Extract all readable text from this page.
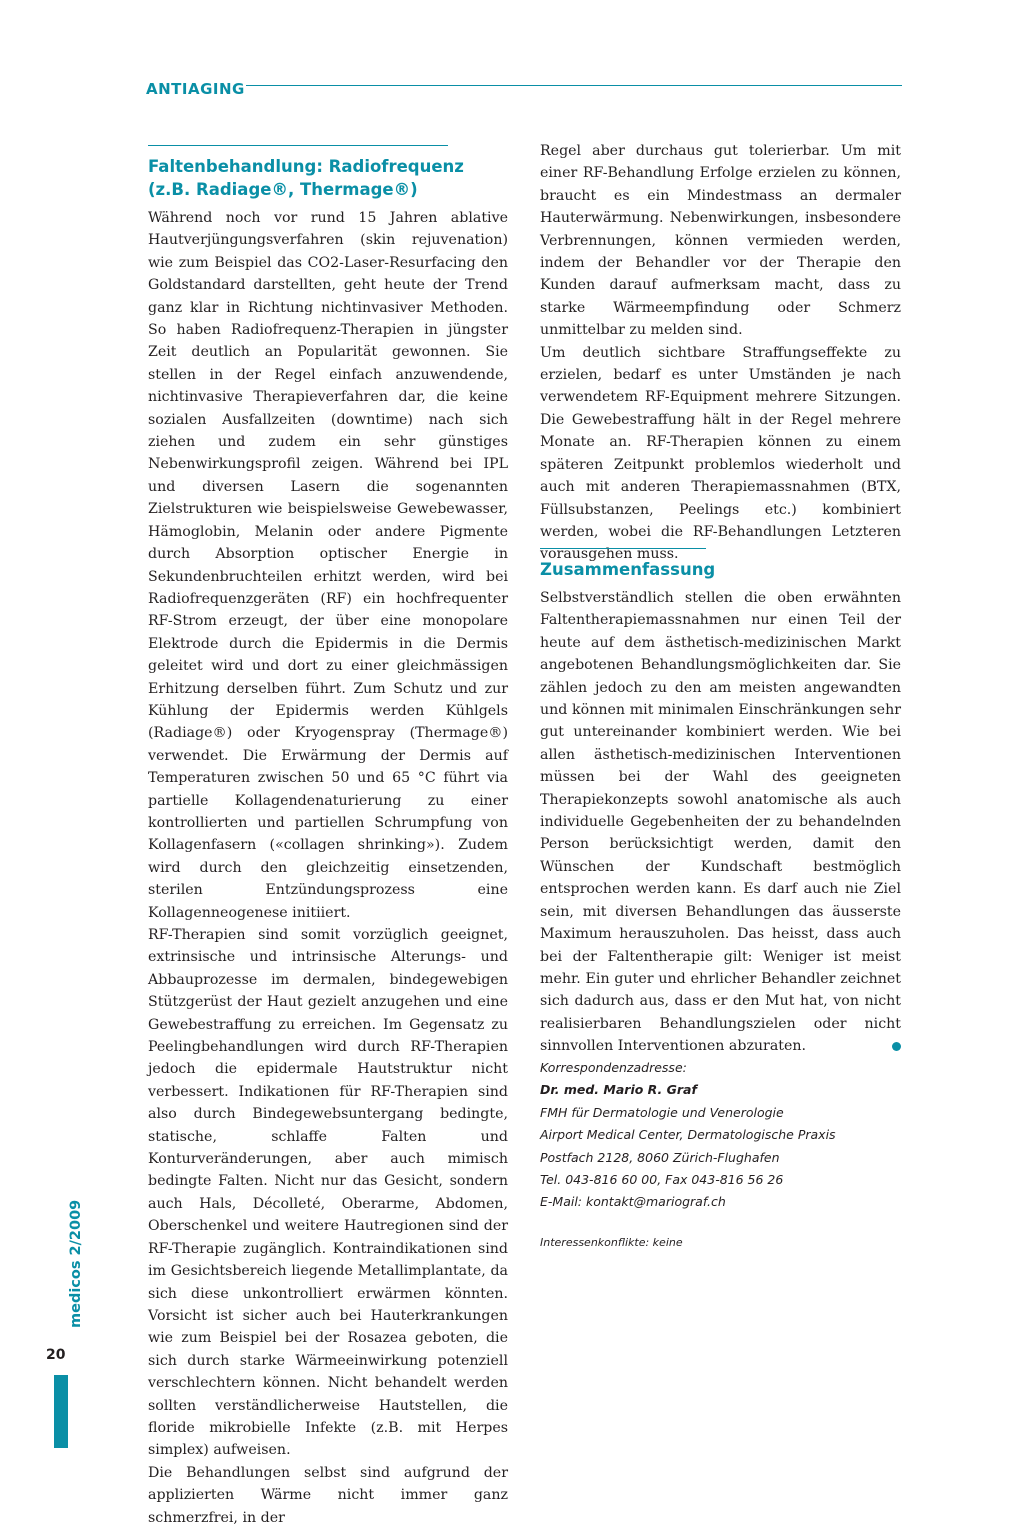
ANTIAGING
Faltenbehandlung: Radiofrequenz
(z.B. Radiage®, Thermage®)

Während noch vor rund 15 Jahren ablative Hautverjüngungsverfahren (skin rejuvenation) wie zum Beispiel das CO2-Laser-Resurfacing den Goldstandard darstellten, geht heute der Trend ganz klar in Richtung nichtinvasiver Methoden. So haben Radiofrequenz-Therapien in jüngster Zeit deutlich an Popularität gewonnen. Sie stellen in der Regel einfach anzuwendende, nichtinvasive Therapieverfahren dar, die keine sozialen Ausfallzeiten (downtime) nach sich ziehen und zudem ein sehr günstiges Nebenwirkungsprofil zeigen. Während bei IPL und diversen Lasern die sogenannten Zielstrukturen wie beispielsweise Gewebewasser, Hämoglobin, Melanin oder andere Pigmente durch Absorption optischer Energie in Sekundenbruchteilen erhitzt werden, wird bei Radiofrequenzgeräten (RF) ein hochfrequenter RF-Strom erzeugt, der über eine monopolare Elektrode durch die Epidermis in die Dermis geleitet wird und dort zu einer gleichmässigen Erhitzung derselben führt. Zum Schutz und zur Kühlung der Epidermis werden Kühlgels (Radiage®) oder Kryogenspray (Thermage®) verwendet. Die Erwärmung der Dermis auf Temperaturen zwischen 50 und 65 °C führt via partielle Kollagendenaturierung zu einer kontrollierten und partiellen Schrumpfung von Kollagenfasern («collagen shrinking»). Zudem wird durch den gleichzeitig einsetzenden, sterilen Entzündungsprozess eine Kollagenneogenese initiiert.

RF-Therapien sind somit vorzüglich geeignet, extrinsische und intrinsische Alterungs- und Abbauprozesse im dermalen, bindegewebigen Stützgerüst der Haut gezielt anzugehen und eine Gewebestraffung zu erreichen. Im Gegensatz zu Peelingbehandlungen wird durch RF-Therapien jedoch die epidermale Hautstruktur nicht verbessert. Indikationen für RF-Therapien sind also durch Bindegewebsuntergang bedingte, statische, schlaffe Falten und Konturveränderungen, aber auch mimisch bedingte Falten. Nicht nur das Gesicht, sondern auch Hals, Décolleté, Oberarme, Abdomen, Oberschenkel und weitere Hautregionen sind der RF-Therapie zugänglich. Kontraindikationen sind im Gesichtsbereich liegende Metallimplantate, da sich diese unkontrolliert erwärmen könnten. Vorsicht ist sicher auch bei Hauterkrankungen wie zum Beispiel bei der Rosazea geboten, die sich durch starke Wärmeeinwirkung potenziell verschlechtern können. Nicht behandelt werden sollten verständlicherweise Hautstellen, die floride mikrobielle Infekte (z.B. mit Herpes simplex) aufweisen.

Die Behandlungen selbst sind aufgrund der applizierten Wärme nicht immer ganz schmerzfrei, in der

Regel aber durchaus gut tolerierbar. Um mit einer RF-Behandlung Erfolge erzielen zu können, braucht es ein Mindestmass an dermaler Hauterwärmung. Nebenwirkungen, insbesondere Verbrennungen, können vermieden werden, indem der Behandler vor der Therapie den Kunden darauf aufmerksam macht, dass zu starke Wärmeempfindung oder Schmerz unmittelbar zu melden sind.

Um deutlich sichtbare Straffungseffekte zu erzielen, bedarf es unter Umständen je nach verwendetem RF-Equipment mehrere Sitzungen. Die Gewebestraffung hält in der Regel mehrere Monate an. RF-Therapien können zu einem späteren Zeitpunkt problemlos wiederholt und auch mit anderen Therapiemassnahmen (BTX, Füllsubstanzen, Peelings etc.) kombiniert werden, wobei die RF-Behandlungen Letzteren vorausgehen muss.

Zusammenfassung

Selbstverständlich stellen die oben erwähnten Faltentherapiemassnahmen nur einen Teil der heute auf dem ästhetisch-medizinischen Markt angebotenen Behandlungsmöglichkeiten dar. Sie zählen jedoch zu den am meisten angewandten und können mit minimalen Einschränkungen sehr gut untereinander kombiniert werden. Wie bei allen ästhetisch-medizinischen Interventionen müssen bei der Wahl des geeigneten Therapiekonzepts sowohl anatomische als auch individuelle Gegebenheiten der zu behandelnden Person berücksichtigt werden, damit den Wünschen der Kundschaft bestmöglich entsprochen werden kann. Es darf auch nie Ziel sein, mit diversen Behandlungen das äusserste Maximum herauszuholen. Das heisst, dass auch bei der Faltentherapie gilt: Weniger ist meist mehr. Ein guter und ehrlicher Behandler zeichnet sich dadurch aus, dass er den Mut hat, von nicht realisierbaren Behandlungszielen oder nicht sinnvollen Interventionen abzuraten.

Korrespondenzadresse:
Dr. med. Mario R. Graf
FMH für Dermatologie und Venerologie
Airport Medical Center, Dermatologische Praxis
Postfach 2128, 8060 Zürich-Flughafen
Tel. 043-816 60 00, Fax 043-816 56 26
E-Mail: kontakt@mariograf.ch
Interessenkonflikte: keine
medicos 2/2009
20
